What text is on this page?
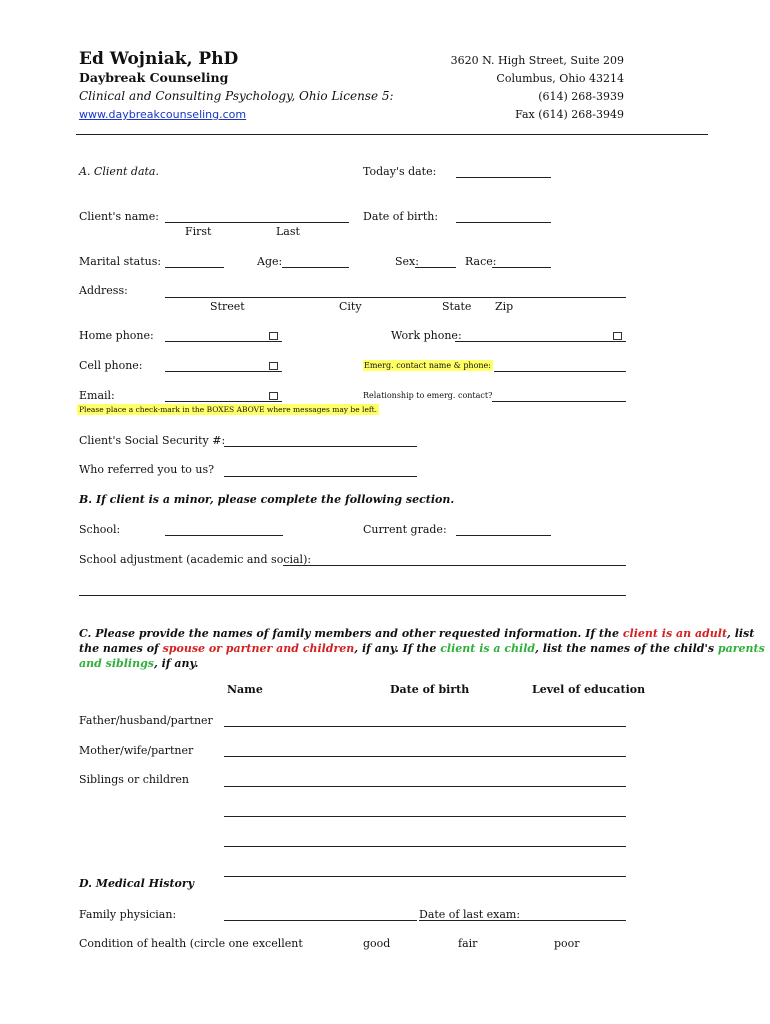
Ed Wojniak, PhD
Daybreak Counseling
Clinical and Consulting Psychology, Ohio License 5:
www.daybreakcounseling.com
3620 N. High Street, Suite 209
Columbus, Ohio 43214
(614) 268-3939
Fax (614) 268-3949
A. Client data.	Today's date:
Client's name:
First	Last
Date of birth:
Marital status:	Age:	Sex:	Race:
Address:
Street	City	State Zip
Home phone:	Work phone:
Cell phone:	Emerg. contact name & phone:
Email:	Relationship to emerg. contact?
Please place a check-mark in the BOXES ABOVE where messages may be left.
Client's Social Security #:
Who referred you to us?
B. If client is a minor, please complete the following section.
School:	Current grade:
School adjustment (academic and social):
C. Please provide the names of family members and other requested information. If the client is an adult, list
the names of spouse or partner and children, if any. If the client is a child, list the names of the child's parents
and siblings, if any.
Name	Date of birth	Level of education
Father/husband/partner
Mother/wife/partner
Siblings or children
D. Medical History
Family physician:	Date of last exam:
Condition of health (circle one excellent	good	fair	poor
